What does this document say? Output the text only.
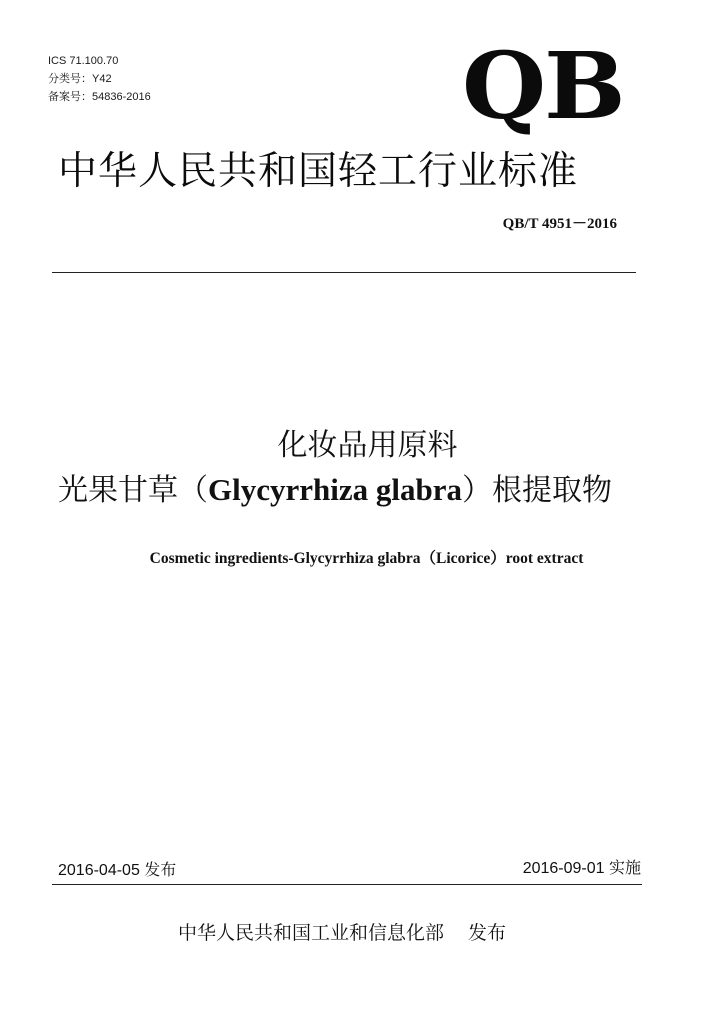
ICS 71.100.70
分类号：Y42
备案号：54836-2016	QB
中华人民共和国轻工行业标准
QB/T 4951－2016
化妆品用原料
光果甘草（Glycyrrhiza glabra）根提取物
Cosmetic ingredients-Glycyrrhiza glabra（Licorice）root extract
2016-04-05 发布	2016-09-01 实施
中华人民共和国工业和信息化部 发布
